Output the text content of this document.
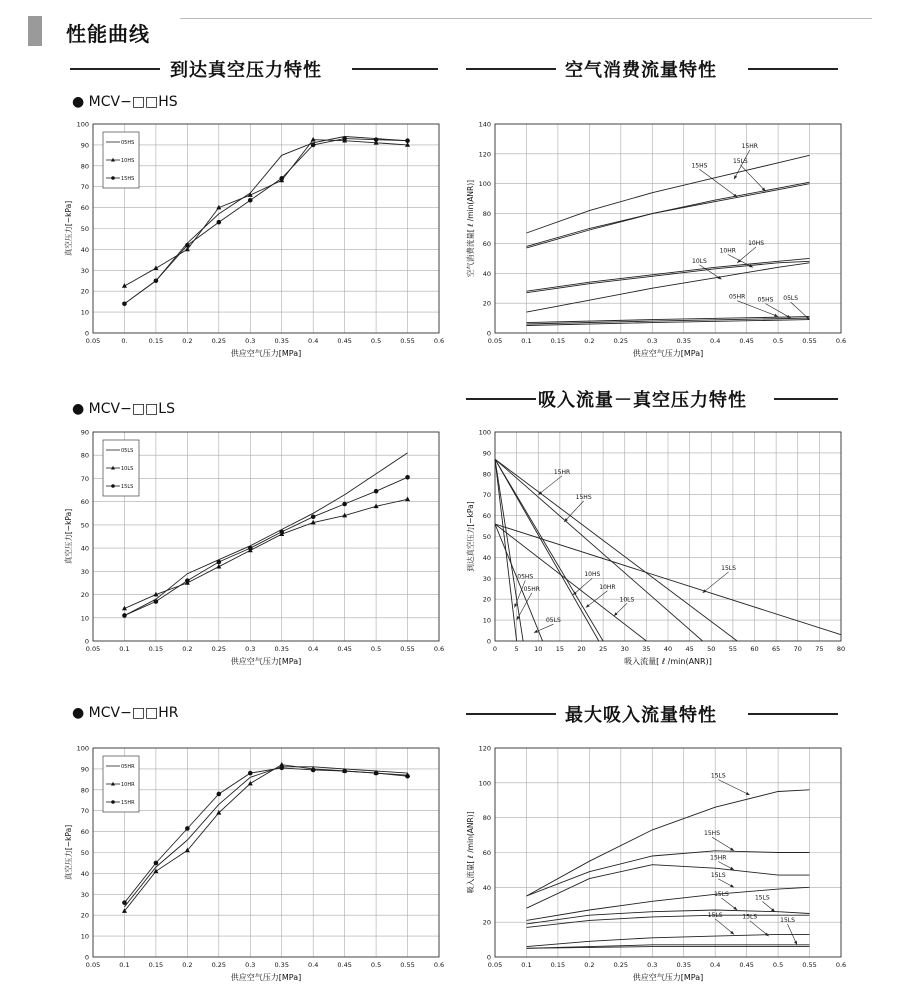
性能曲线
到达真空压力特性	空气消费流量特性
吸入流量－真空压力特性
最大吸入流量特性
● MCV−□□HS
● MCV−□□LS
● MCV−□□HR
0.05	0.	0.15	0.2	0.25	0.3	0.35	0.4	0.45	0.5	0.55	0.6
0
10
20
30
40
50
60
70
80
90
100
供应空气压力[MPa]
真空压力[−kPa]
05HS
10HS
15HS
0.05	0.1	0.15	0.2	0.25	0.3	0.35	0.4	0.45	0.5	0.55	0.6
0
20
40
60
80
100
120
140
供应空气压力[MPa]
空气消费流量[ ℓ /min(ANR)]
15HR
15HS
15LS
10HS
10HR
10LS
05HR 05HS 05LS
0.05	0.1	0.15	0.2	0.25	0.3	0.35	0.4	0.45	0.5	0.55	0.6
0
10
20
30
40
50
60
70
80
90
供应空气压力[MPa]
真空压力[−kPa]
05LS
10LS
15LS
0	5 10 15 20 25 30 35 40 45 50 55 60 65 70 75 80
0
10
20
30
40
50
60
70
80
90
100
吸入流量[ ℓ /min(ANR)]
到达真空压力[−kPa]
15HR
15HS
15LS
05HS
05HR
10HS
10HR
10LS
05LS
0.05	0.1	0.15	0.2	0.25	0.3	0.35	0.4	0.45	0.5	0.55	0.6
0
10
20
30
40
50
60
70
80
90
100
供应空气压力[MPa]
真空压力[−kPa]
05HR
10HR
15HR
0.05	0.1	0.15	0.2	0.25	0.3	0.35	0.4	0.45	0.5	0.55	0.6
0
20
40
60
80
100
120
供应空气压力[MPa]
吸入流量[ ℓ /min(ANR)]
15LS
15HS
15HR
15LS
15LS	15LS
15LS	15LS	15LS
